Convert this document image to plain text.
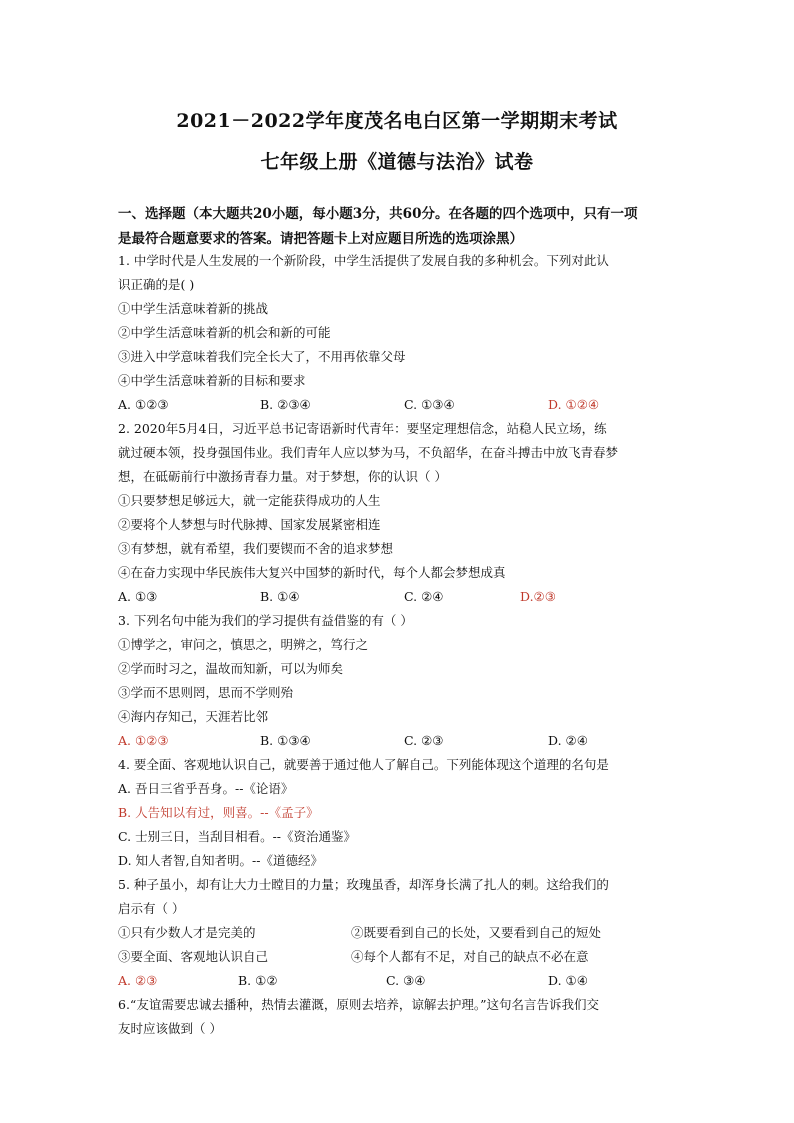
2021－2022学年度茂名电白区第一学期期末考试
七年级上册《道德与法治》试卷
一、选择题（本大题共20小题，每小题3分，共60分。在各题的四个选项中，只有一项
是最符合题意要求的答案。请把答题卡上对应题目所选的选项涂黑）
1. 中学时代是人生发展的一个新阶段，中学生活提供了发展自我的多种机会。下列对此认
识正确的是( )
①中学生活意味着新的挑战
②中学生活意味着新的机会和新的可能
③进入中学意味着我们完全长大了，不用再依靠父母
④中学生活意味着新的目标和要求
A. ①②③	B. ②③④	C. ①③④	D. ①②④
2. 2020年5月4日，习近平总书记寄语新时代青年：要坚定理想信念，站稳人民立场，练
就过硬本领，投身强国伟业。我们青年人应以梦为马，不负韶华，在奋斗搏击中放飞青春梦
想，在砥砺前行中激扬青春力量。对于梦想，你的认识（ ）
①只要梦想足够远大，就一定能获得成功的人生
②要将个人梦想与时代脉搏、国家发展紧密相连
③有梦想，就有希望，我们要锲而不舍的追求梦想
④在奋力实现中华民族伟大复兴中国梦的新时代，每个人都会梦想成真
A. ①③	B. ①④	C. ②④	D.②③
3. 下列名句中能为我们的学习提供有益借鉴的有（ ）
①博学之，审问之，慎思之，明辨之，笃行之
②学而时习之，温故而知新，可以为师矣
③学而不思则罔，思而不学则殆
④海内存知己，天涯若比邻
A. ①②③	B. ①③④	C. ②③	D. ②④
4. 要全面、客观地认识自己，就要善于通过他人了解自己。下列能体现这个道理的名句是
A. 吾日三省乎吾身。--《论语》
B. 人告知以有过，则喜。--《孟子》
C. 士别三日，当刮目相看。--《资治通鉴》
D. 知人者智,自知者明。--《道德经》
5. 种子虽小，却有让大力士瞠目的力量；玫瑰虽香，却浑身长满了扎人的刺。这给我们的
启示有（ ）
①只有少数人才是完美的	②既要看到自己的长处，又要看到自己的短处
③要全面、客观地认识自己	④每个人都有不足，对自己的缺点不必在意
A. ②③	B. ①②	C. ③④	D. ①④
6.“友谊需要忠诚去播种，热情去灌溉，原则去培养，谅解去护理。”这句名言告诉我们交
友时应该做到（ ）
